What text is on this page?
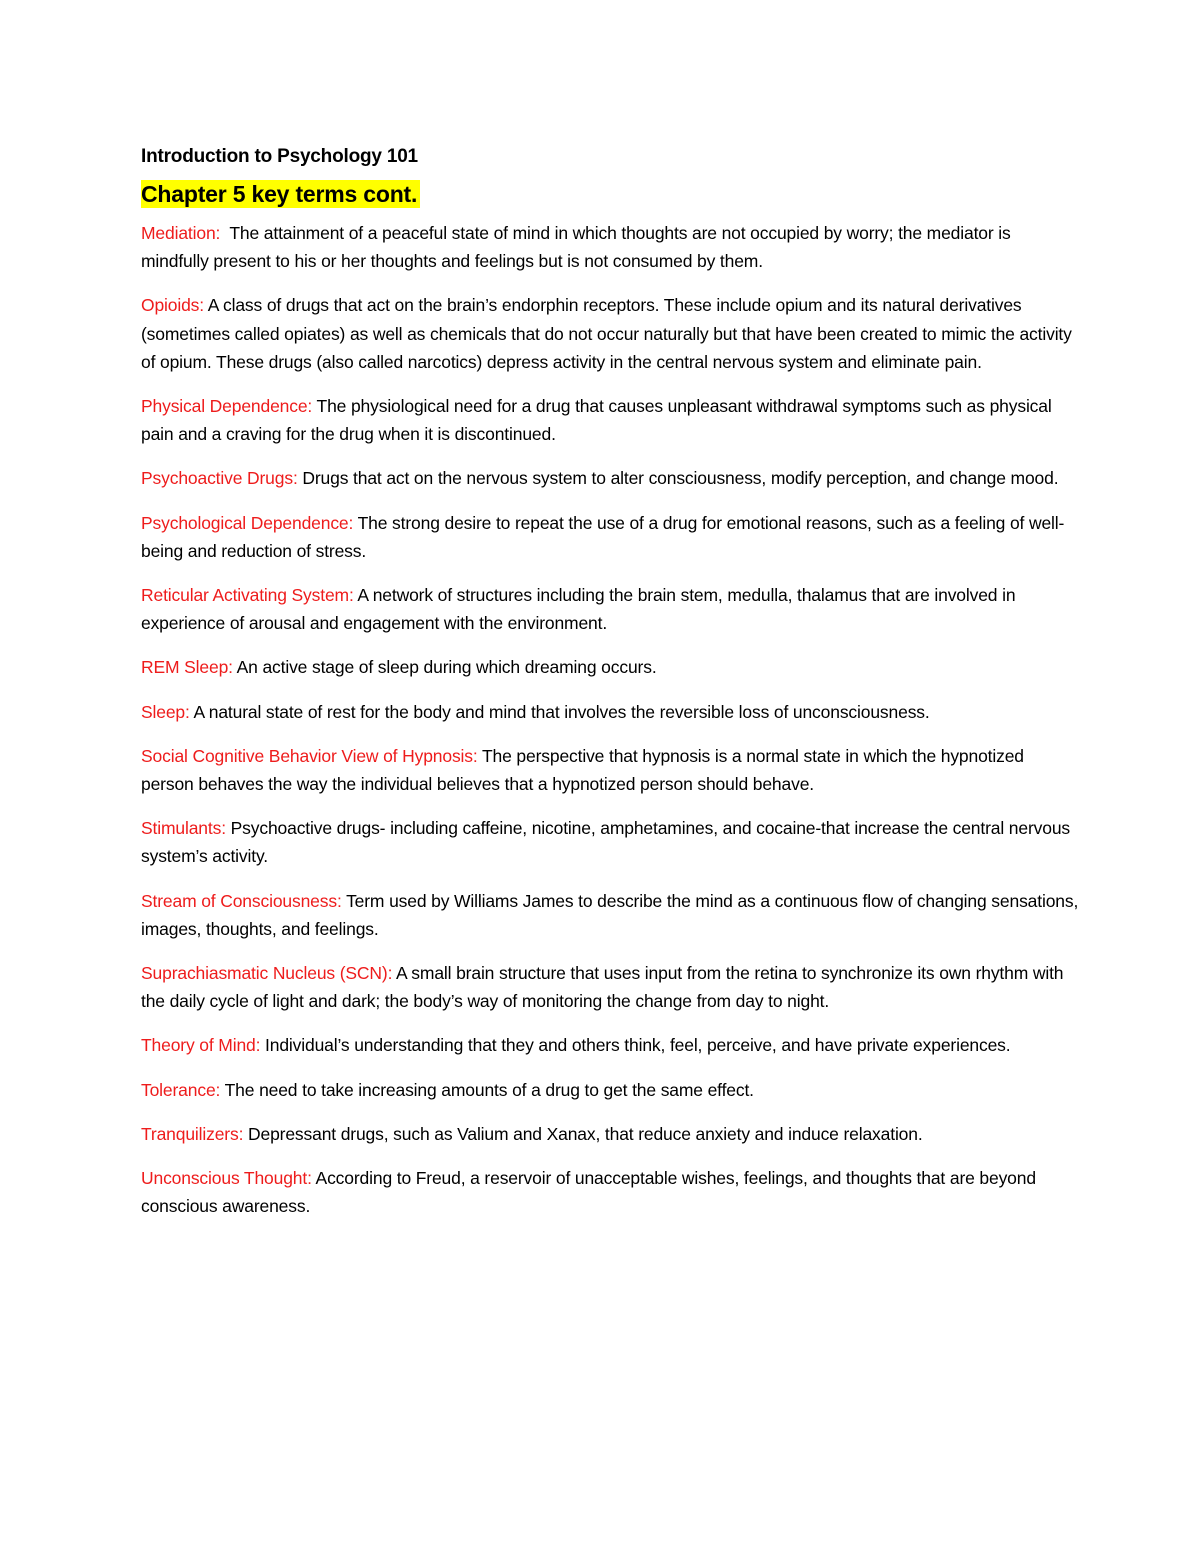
Introduction to Psychology 101
Chapter 5 key terms cont.
Mediation:  The attainment of a peaceful state of mind in which thoughts are not occupied by worry; the mediator is mindfully present to his or her thoughts and feelings but is not consumed by them.
Opioids: A class of drugs that act on the brain’s endorphin receptors. These include opium and its natural derivatives (sometimes called opiates) as well as chemicals that do not occur naturally but that have been created to mimic the activity of opium. These drugs (also called narcotics) depress activity in the central nervous system and eliminate pain.
Physical Dependence: The physiological need for a drug that causes unpleasant withdrawal symptoms such as physical pain and a craving for the drug when it is discontinued.
Psychoactive Drugs: Drugs that act on the nervous system to alter consciousness, modify perception, and change mood.
Psychological Dependence: The strong desire to repeat the use of a drug for emotional reasons, such as a feeling of well-being and reduction of stress.
Reticular Activating System: A network of structures including the brain stem, medulla, thalamus that are involved in experience of arousal and engagement with the environment.
REM Sleep: An active stage of sleep during which dreaming occurs.
Sleep: A natural state of rest for the body and mind that involves the reversible loss of unconsciousness.
Social Cognitive Behavior View of Hypnosis: The perspective that hypnosis is a normal state in which the hypnotized person behaves the way the individual believes that a hypnotized person should behave.
Stimulants: Psychoactive drugs- including caffeine, nicotine, amphetamines, and cocaine-that increase the central nervous system’s activity.
Stream of Consciousness: Term used by Williams James to describe the mind as a continuous flow of changing sensations, images, thoughts, and feelings.
Suprachiasmatic Nucleus (SCN): A small brain structure that uses input from the retina to synchronize its own rhythm with the daily cycle of light and dark; the body’s way of monitoring the change from day to night.
Theory of Mind: Individual’s understanding that they and others think, feel, perceive, and have private experiences.
Tolerance: The need to take increasing amounts of a drug to get the same effect.
Tranquilizers: Depressant drugs, such as Valium and Xanax, that reduce anxiety and induce relaxation.
Unconscious Thought: According to Freud, a reservoir of unacceptable wishes, feelings, and thoughts that are beyond conscious awareness.
